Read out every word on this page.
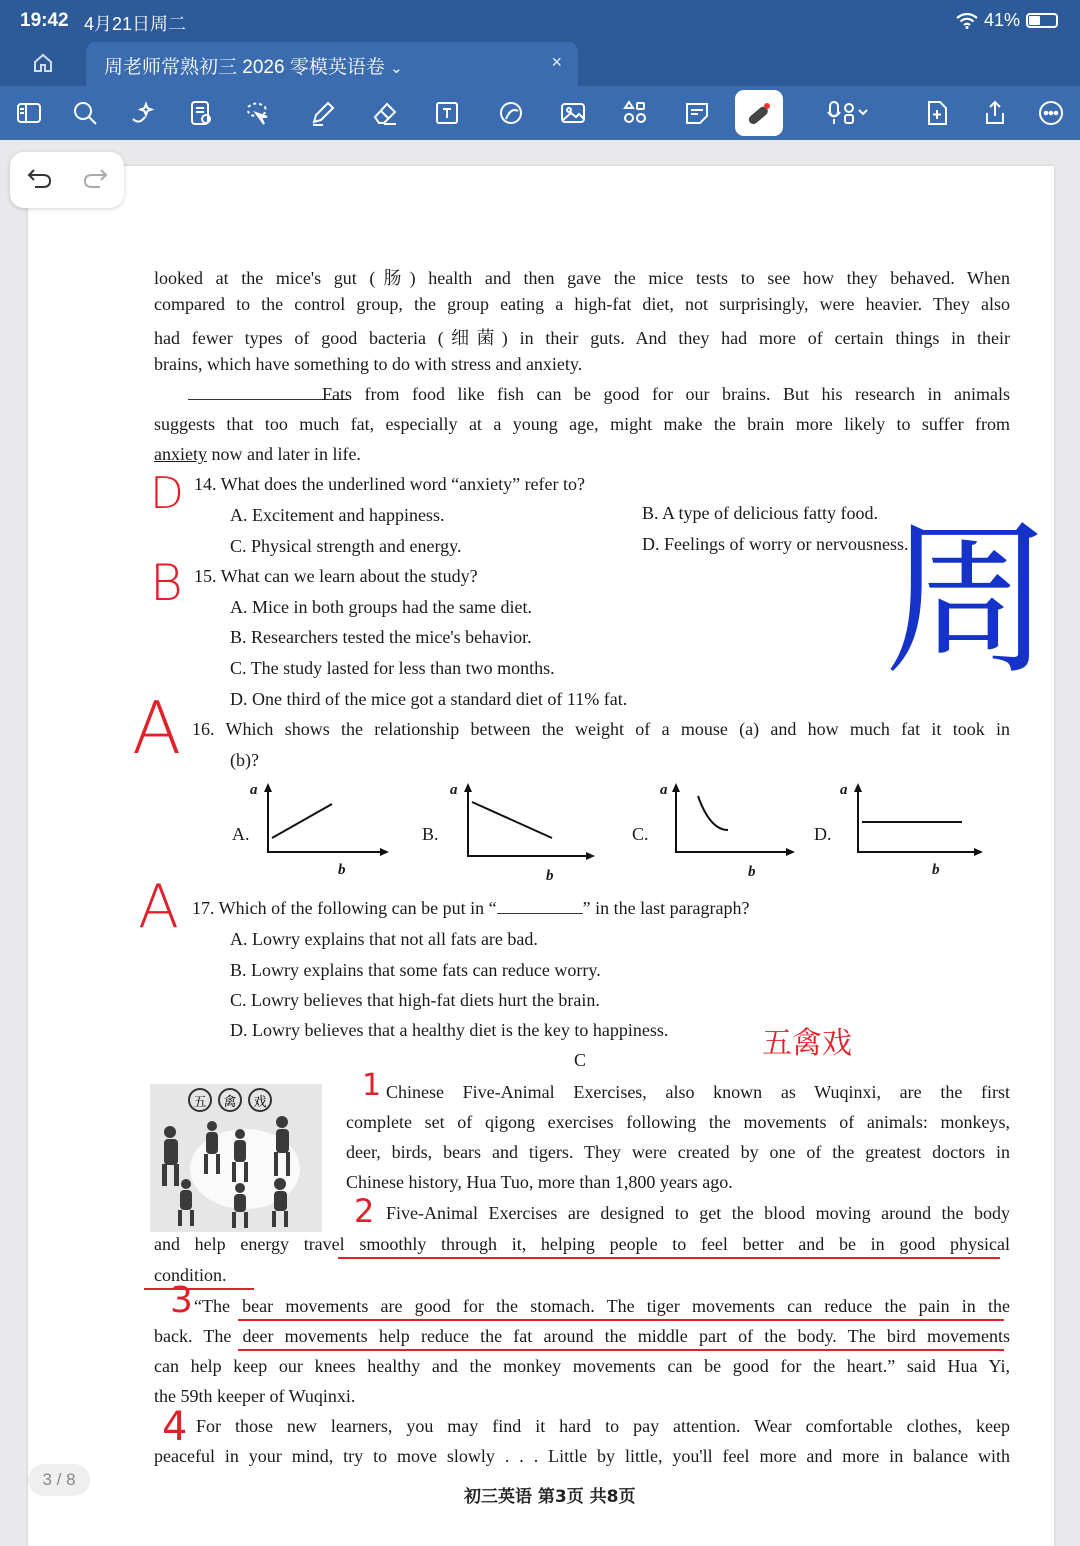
19:42 4月21日周二	41%
周老师常熟初三 2026 零模英语卷 ⌄	×
looked at the mice's gut (肠) health and then gave the mice tests to see how they behaved. When
compared to the control group, the group eating a high-fat diet, not surprisingly, were heavier. They also
had fewer types of good bacteria (细菌) in their guts. And they had more of certain things in their
brains, which have something to do with stress and anxiety.
Fats from food like fish can be good for our brains. But his research in animals
suggests that too much fat, especially at a young age, might make the brain more likely to suffer from
anxiety now and later in life.
14. What does the underlined word “anxiety” refer to?
A. Excitement and happiness.	B. A type of delicious fatty food.
C. Physical strength and energy.	D. Feelings of worry or nervousness.
15. What can we learn about the study?
A. Mice in both groups had the same diet.
B. Researchers tested the mice's behavior.
C. The study lasted for less than two months.
D. One third of the mice got a standard diet of 11% fat.
16. Which shows the relationship between the weight of a mouse (a) and how much fat it took in
(b)?
A.
a
b
B.
a
b
C.
a
b
D.
a
b
17. Which of the following can be put in “	” in the last paragraph?
A. Lowry explains that not all fats are bad.
B. Lowry explains that some fats can reduce worry.
C. Lowry believes that high-fat diets hurt the brain.
D. Lowry believes that a healthy diet is the key to happiness.
C
五	禽	戏	Chinese Five-Animal Exercises, also known as Wuqinxi, are the first
complete set of qigong exercises following the movements of animals: monkeys,
deer, birds, bears and tigers. They were created by one of the greatest doctors in
Chinese history, Hua Tuo, more than 1,800 years ago.
Five-Animal Exercises are designed to get the blood moving around the body
and help energy travel smoothly through it, helping people to feel better and be in good physical
condition.
“The bear movements are good for the stomach. The tiger movements can reduce the pain in the
back. The deer movements help reduce the fat around the middle part of the body. The bird movements
can help keep our knees healthy and the monkey movements can be good for the heart.” said Hua Yi,
the 59th keeper of Wuqinxi.
For those new learners, you may find it hard to pay attention. Wear comfortable clothes, keep
peaceful in your mind, try to move slowly . . . Little by little, you'll feel more and more in balance with
D
B
A
A
五禽戏
1
2
3
4
周
初三英语 第3页 共8页
3 / 8
